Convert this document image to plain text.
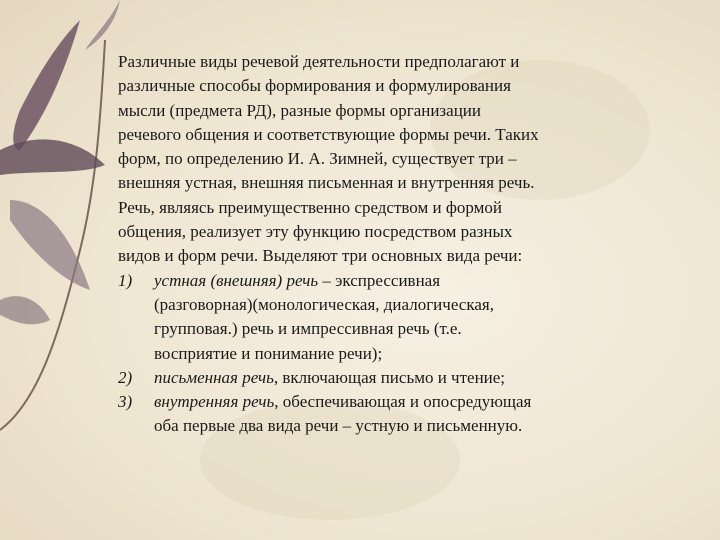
Различные виды речевой деятельности предполагают и
различные способы формирования и формулирования
мысли (предмета РД), разные формы организации
речевого общения и соответствующие формы речи. Таких
форм, по определению И. А. Зимней, существует три –
внешняя устная, внешняя письменная и внутренняя речь.
Речь, являясь преимущественно средством и формой
общения, реализует эту функцию посредством разных
видов и форм речи. Выделяют три основных вида речи:
1) устная (внешняя) речь – экспрессивная
(разговорная)(монологическая, диалогическая,
групповая.) речь и импрессивная речь (т.е.
восприятие и понимание речи);
2) письменная речь, включающая письмо и чтение;
3) внутренняя речь, обеспечивающая и опосредующая
оба первые два вида речи – устную и письменную.
